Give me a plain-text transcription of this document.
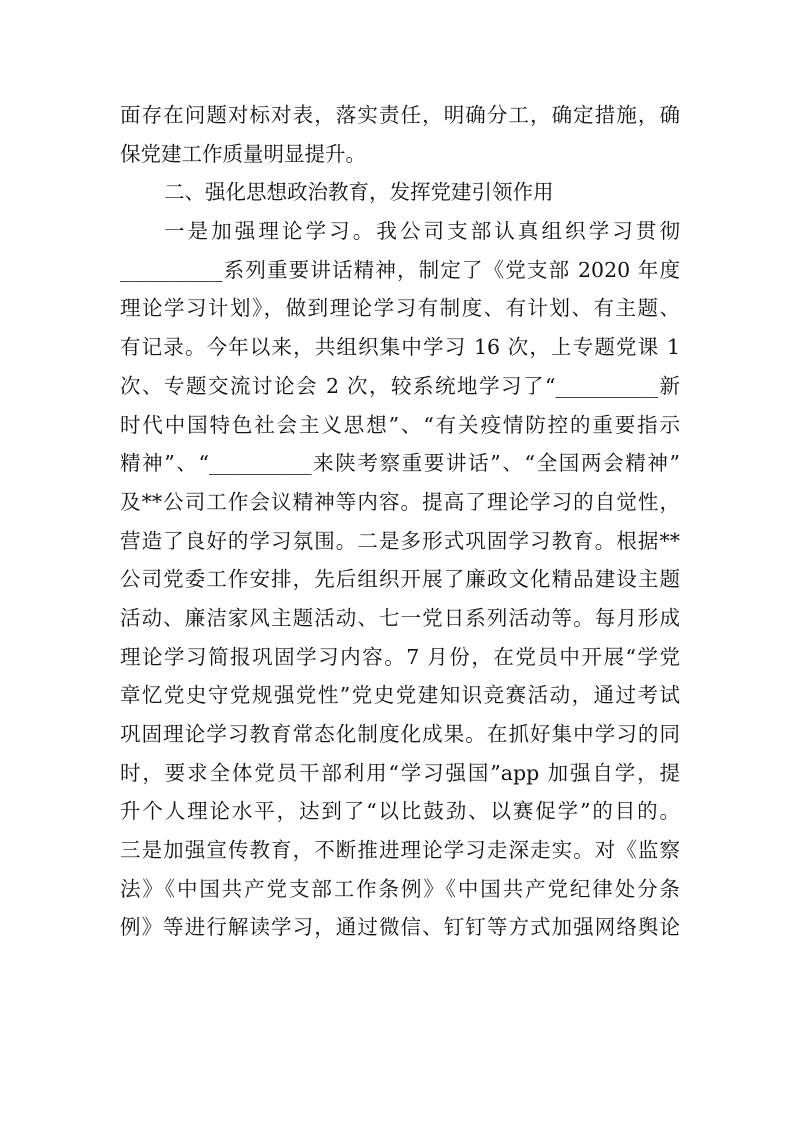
面存在问题对标对表，落实责任，明确分工，确定措施，确
保党建工作质量明显提升。
二、强化思想政治教育，发挥党建引领作用
一是加强理论学习。我公司支部认真组织学习贯彻
__________系列重要讲话精神，制定了《党支部 2020 年度
理论学习计划》，做到理论学习有制度、有计划、有主题、
有记录。今年以来，共组织集中学习 16 次，上专题党课 1
次、专题交流讨论会 2 次，较系统地学习了“__________新
时代中国特色社会主义思想”、“有关疫情防控的重要指示
精神”、“__________来陕考察重要讲话”、“全国两会精神”
及**公司工作会议精神等内容。提高了理论学习的自觉性，
营造了良好的学习氛围。二是多形式巩固学习教育。根据**
公司党委工作安排，先后组织开展了廉政文化精品建设主题
活动、廉洁家风主题活动、七一党日系列活动等。每月形成
理论学习简报巩固学习内容。7 月份，在党员中开展“学党
章忆党史守党规强党性”党史党建知识竞赛活动，通过考试
巩固理论学习教育常态化制度化成果。在抓好集中学习的同
时，要求全体党员干部利用“学习强国”app 加强自学，提
升个人理论水平，达到了“以比鼓劲、以赛促学”的目的。
三是加强宣传教育，不断推进理论学习走深走实。对《监察
法》《中国共产党支部工作条例》《中国共产党纪律处分条
例》等进行解读学习，通过微信、钉钉等方式加强网络舆论
